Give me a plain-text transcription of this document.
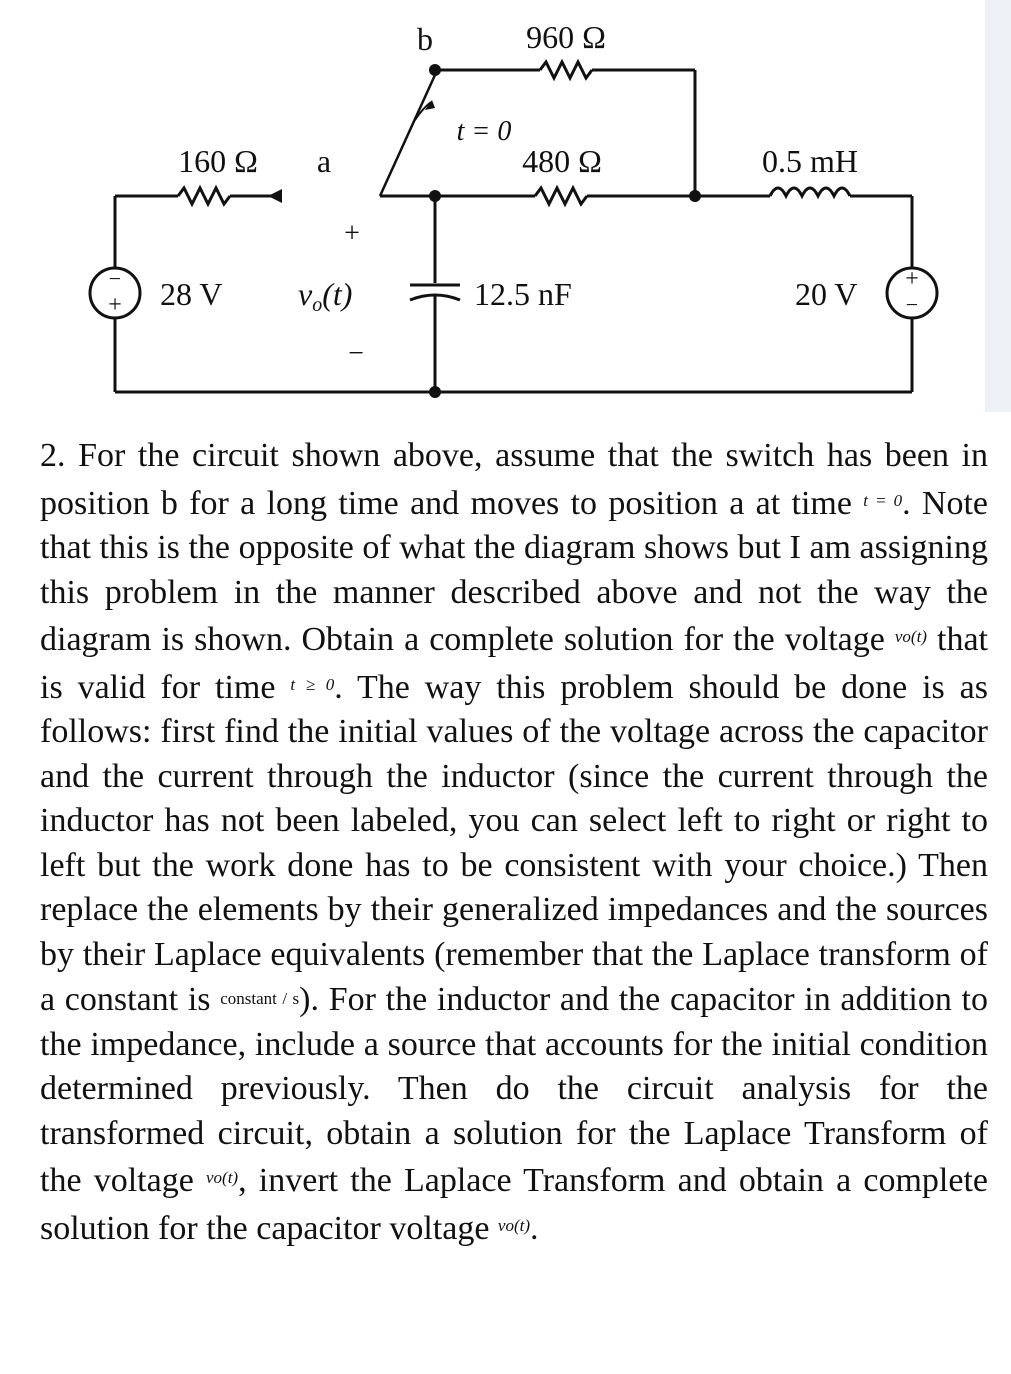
b	960 Ω
t = 0
160 Ω a	480 Ω	0.5 mH
+
vo(t)
−
28 V
−
+	12.5 nF	20 V +
−

2. For the circuit shown above, assume that the switch has been in position b for a long time and moves to position a at time $^{t = 0}$. Note that this is the opposite of what the diagram shows but I am assigning this problem in the manner described above and not the way the diagram is shown. Obtain a complete solution for the voltage $^{vo(t)}$ that is valid for time $^{t \ge 0}$. The way this problem should be done is as follows: first find the initial values of the voltage across the capacitor and the current through the inductor (since the current through the inductor has not been labeled, you can select left to right or right to left but the work done has to be consistent with your choice.) Then replace the elements by their generalized impedances and the sources by their Laplace equivalents (remember that the Laplace transform of a constant is constant / s). For the inductor and the capacitor in addition to the impedance, include a source that accounts for the initial condition determined previously. Then do the circuit analysis for the transformed circuit, obtain a solution for the Laplace Transform of the voltage $^{vo(t)}$, invert the Laplace Transform and obtain a complete solution for the capacitor voltage $^{vo(t)}$.
